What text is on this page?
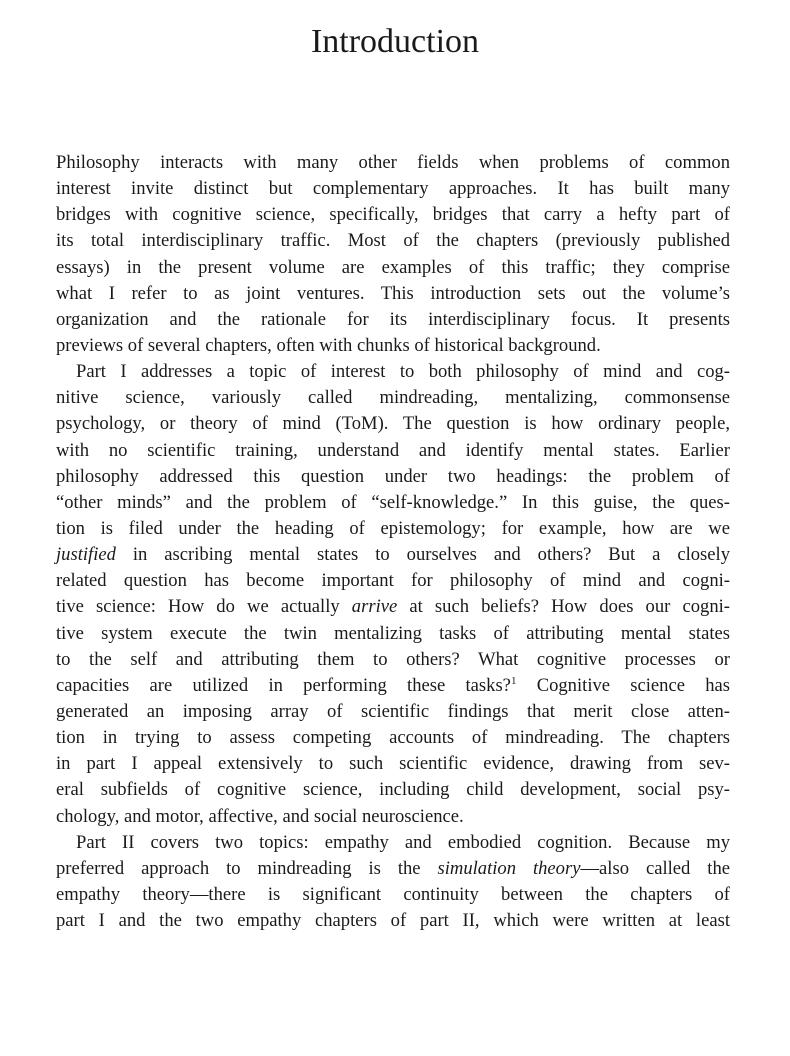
Introduction
Philosophy interacts with many other fields when problems of common
interest invite distinct but complementary approaches. It has built many
bridges with cognitive science, specifically, bridges that carry a hefty part of
its total interdisciplinary traffic. Most of the chapters (previously published
essays) in the present volume are examples of this traffic; they comprise
what I refer to as joint ventures. This introduction sets out the volume’s
organization and the rationale for its interdisciplinary focus. It presents
previews of several chapters, often with chunks of historical background.
Part I addresses a topic of interest to both philosophy of mind and cog-
nitive science, variously called mindreading, mentalizing, commonsense
psychology, or theory of mind (ToM). The question is how ordinary people,
with no scientific training, understand and identify mental states. Earlier
philosophy addressed this question under two headings: the problem of
“other minds” and the problem of “self-knowledge.” In this guise, the ques-
tion is filed under the heading of epistemology; for example, how are we
justified in ascribing mental states to ourselves and others? But a closely
related question has become important for philosophy of mind and cogni-
tive science: How do we actually arrive at such beliefs? How does our cogni-
tive system execute the twin mentalizing tasks of attributing mental states
to the self and attributing them to others? What cognitive processes or
capacities are utilized in performing these tasks?$^1$ Cognitive science has
generated an imposing array of scientific findings that merit close atten-
tion in trying to assess competing accounts of mindreading. The chapters
in part I appeal extensively to such scientific evidence, drawing from sev-
eral subfields of cognitive science, including child development, social psy-
chology, and motor, affective, and social neuroscience.
Part II covers two topics: empathy and embodied cognition. Because my
preferred approach to mindreading is the simulation theory—also called the
empathy theory—there is significant continuity between the chapters of
part I and the two empathy chapters of part II, which were written at least
